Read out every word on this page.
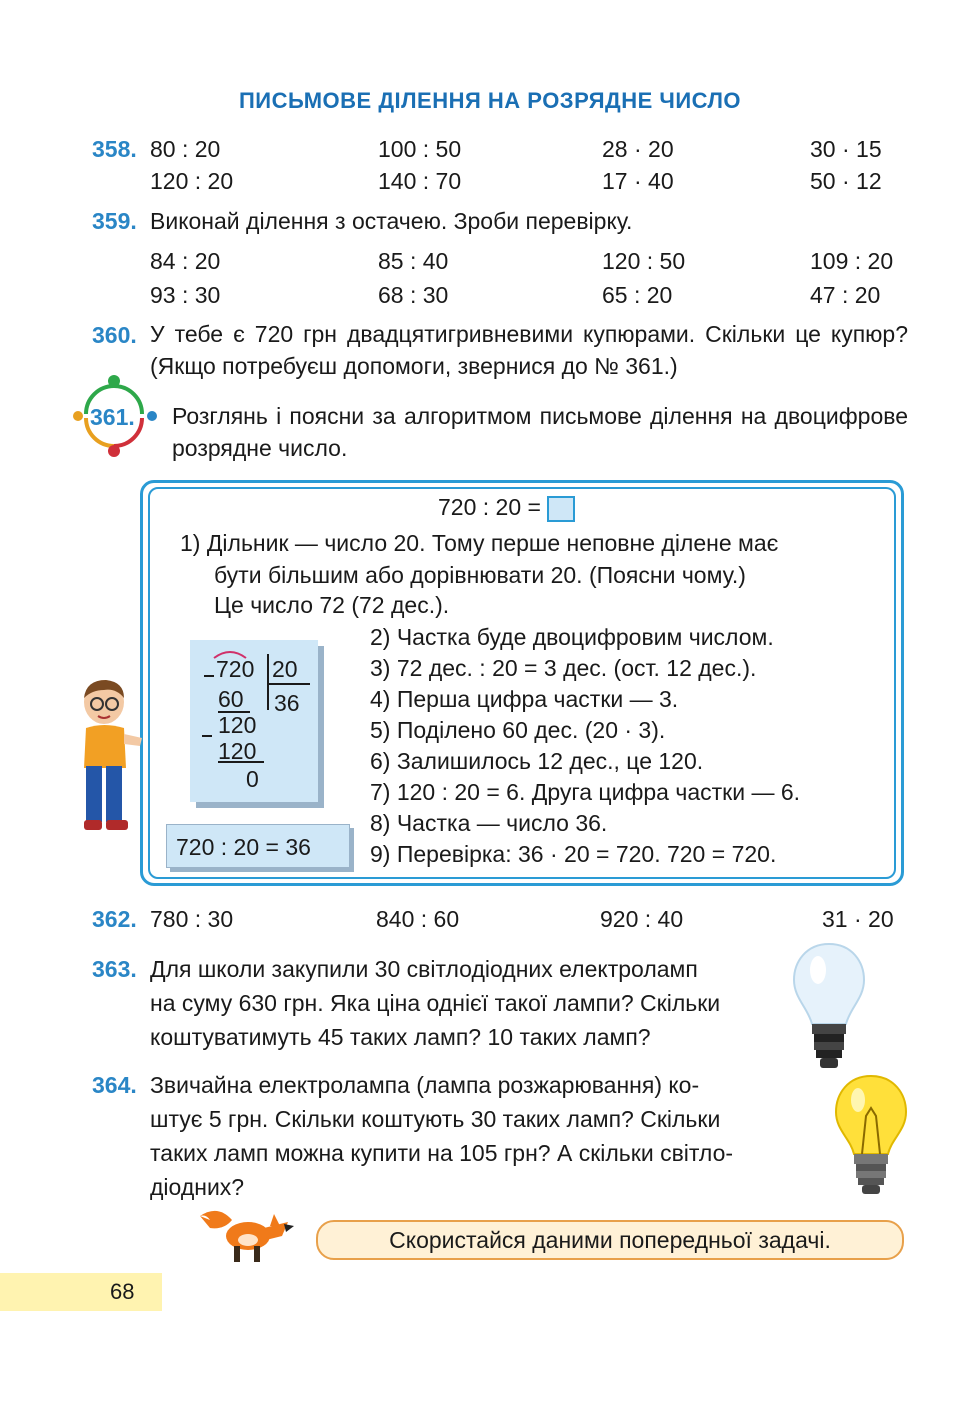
ПИСЬМОВЕ ДІЛЕННЯ НА РОЗРЯДНЕ ЧИСЛО
358. 80 : 20	100 : 50	28 · 20	30 · 15
120 : 20	140 : 70	17 · 40	50 · 12
359. Виконай ділення з остачею. Зроби перевірку.
84 : 20	85 : 40	120 : 50	109 : 20
93 : 30	68 : 30	65 : 20	47 : 20
360. У тебе є 720 грн двадцятигривневими купюрами. Скільки це купюр? (Якщо потребуєш допомоги, звернися до № 361.)
361. Розглянь і поясни за алгоритмом письмове ділення на двоцифрове розрядне число.
720 : 20 =
1) Дільник — число 20. Тому перше неповне ділене має
бути більшим або дорівнювати 20. (Поясни чому.)
Це число 72 (72 дес.).
720 20
60 36
120
120
0
720 : 20 = 36
2) Частка буде двоцифровим числом.
3) 72 дес. : 20 = 3 дес. (ост. 12 дес.).
4) Перша цифра частки — 3.
5) Поділено 60 дес. (20 · 3).
6) Залишилось 12 дес., це 120.
7) 120 : 20 = 6. Друга цифра частки — 6.
8) Частка — число 36.
9) Перевірка: 36 · 20 = 720. 720 = 720.
362. 780 : 30	840 : 60	920 : 40	31 · 20
363. Для школи закупили 30 світлодіодних електроламп
на суму 630 грн. Яка ціна однієї такої лампи? Скільки
коштуватимуть 45 таких ламп? 10 таких ламп?
364. Звичайна електролампа (лампа розжарювання) ко-
штує 5 грн. Скільки коштують 30 таких ламп? Скільки
таких ламп можна купити на 105 грн? А скільки світло-
діодних?
Скористайся даними попередньої задачі.
68
